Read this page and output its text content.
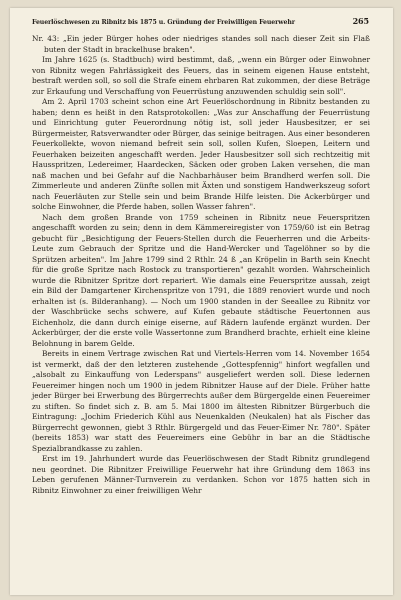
Feuerlöschwesen zu Ribnitz bis 1875 u. Gründung der Freiwilligen Feuerwehr	265

Nr. 43: „Ein jeder Bürger hohes oder niedriges standes soll nach dieser Zeit sin Flaß buten der Stadt in brackelhuse braken".

Im Jahre 1625 (s. Stadtbuch) wird bestimmt, daß, „wenn ein Bürger oder Einwohner von Ribnitz wegen Fahrlässigkeit des Feuers, das in seinem eigenen Hause entsteht, bestraft werden soll, so soll die Strafe einem ehrbaren Rat zukommen, der diese Beträge zur Erkaufung und Verschaffung von Feuerrüstung anzuwenden schuldig sein soll".

Am 2. April 1703 scheint schon eine Art Feuerlöschordnung in Ribnitz bestanden zu haben; denn es heißt in den Ratsprotokollen: „Was zur Anschaffung der Feuerrüstung und Einrichtung guter Feuerordnung nötig ist, soll jeder Hausbesitzer, er sei Bürgermeister, Ratsverwandter oder Bürger, das seinige beitragen. Aus einer besonderen Feuerkollekte, wovon niemand befreit sein soll, sollen Kufen, Sloepen, Leitern und Feuerhaken beizeiten angeschafft werden. Jeder Hausbesitzer soll sich rechtzeitig mit Hausspritzen, Ledereimer, Haardecken, Säcken oder groben Laken versehen, die man naß machen und bei Gefahr auf die Nachbarhäuser beim Brandherd werfen soll. Die Zimmerleute und anderen Zünfte sollen mit Äxten und sonstigem Handwerkszeug sofort nach Feuerläuten zur Stelle sein und beim Brande Hilfe leisten. Die Ackerbürger und solche Einwohner, die Pferde haben, sollen Wasser fahren".

Nach dem großen Brande von 1759 scheinen in Ribnitz neue Feuerspritzen angeschafft worden zu sein; denn in dem Kämmereiregister von 1759/60 ist ein Betrag gebucht für „Besichtigung der Feuers-Stellen durch die Feuerherren und die Arbeits-Leute zum Gebrauch der Spritze und die Hand-Wercker und Tagelöhner so by die Sprützen arbeiten". Im Jahre 1799 sind 2 Rthlr. 24 ß „an Kröpelin in Barth sein Knecht für die große Spritze nach Rostock zu transportieren" gezahlt worden. Wahrscheinlich wurde die Ribnitzer Spritze dort repariert. Wie damals eine Feuerspritze aussah, zeigt ein Bild der Damgartener Kirchenspritze von 1791, die 1889 renoviert wurde und noch erhalten ist (s. Bilderanhang). — Noch um 1900 standen in der Seeallee zu Ribnitz vor der Waschbrücke sechs schwere, auf Kufen gebaute städtische Feuertonnen aus Eichenholz, die dann durch einige eiserne, auf Rädern laufende ergänzt wurden. Der Ackerbürger, der die erste volle Wassertonne zum Brandherd brachte, erhielt eine kleine Belohnung in barem Gelde.

Bereits in einem Vertrage zwischen Rat und Viertels-Herren vom 14. November 1654 ist vermerkt, daß der den letzteren zustehende „Gottespfennig" hinfort wegfallen und „alsobalt zu Einkauffung von Lederspans" ausgeliefert werden soll. Diese ledernen Feuereimer hingen noch um 1900 in jedem Ribnitzer Hause auf der Diele. Früher hatte jeder Bürger bei Erwerbung des Bürgerrechts außer dem Bürgergelde einen Feuereimer zu stiften. So findet sich z. B. am 5. Mai 1800 im ältesten Ribnitzer Bürgerbuch die Eintragung: „Jochim Friederich Kühl aus Neuenkalden (Neukalen) hat als Fischer das Bürgerrecht gewonnen, giebt 3 Rthlr. Bürgergeld und das Feuer-Eimer Nr. 780". Später (bereits 1853) war statt des Feuereimers eine Gebühr in bar an die Städtische Spezialbrandkasse zu zahlen.

Erst im 19. Jahrhundert wurde das Feuerlöschwesen der Stadt Ribnitz grundlegend neu geordnet. Die Ribnitzer Freiwillige Feuerwehr hat ihre Gründung dem 1863 ins Leben gerufenen Männer-Turnverein zu verdanken. Schon vor 1875 hatten sich in Ribnitz Einwohner zu einer freiwilligen Wehr
